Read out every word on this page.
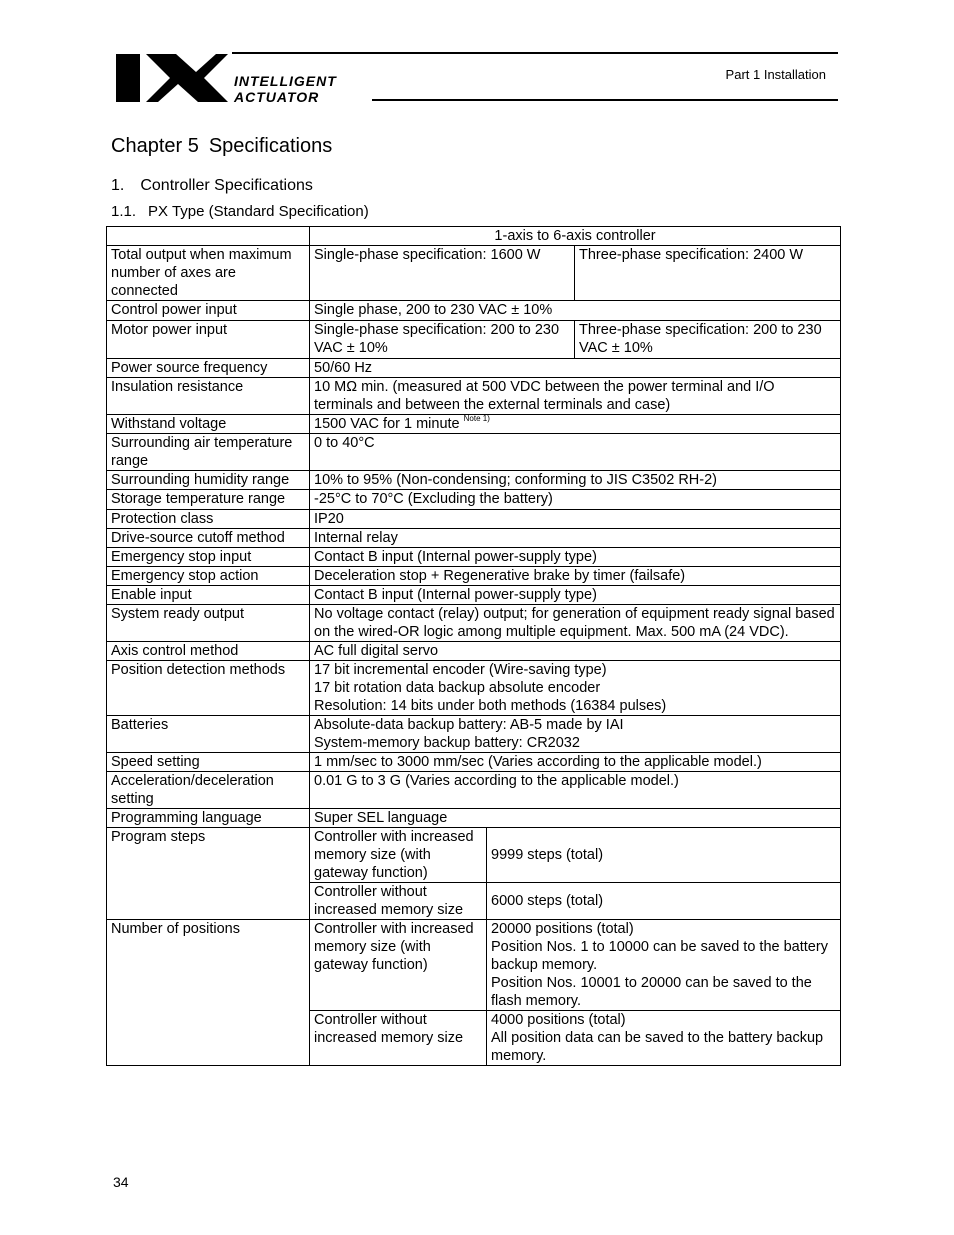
INTELLIGENT
ACTUATOR
Part 1 Installation
Chapter 5 Specifications
1. Controller Specifications
1.1. PX Type (Standard Specification)
	1-axis to 6-axis controller		
Total output when maximum number of axes are connected	Single-phase specification: 1600 W		Three-phase specification: 2400 W
Control power input	Single phase, 200 to 230 VAC ± 10%		
Motor power input	Single-phase specification: 200 to 230 VAC ± 10%		Three-phase specification: 200 to 230 VAC ± 10%
Power source frequency	50/60 Hz		
Insulation resistance	10 MΩ min. (measured at 500 VDC between the power terminal and I/O terminals and between the external terminals and case)		
Withstand voltage	1500 VAC for 1 minute $^{Note 1)}$
Surrounding air temperature range	0 to 40°C		
Surrounding humidity range	10% to 95% (Non-condensing; conforming to JIS C3502 RH-2)		
Storage temperature range	-25°C to 70°C (Excluding the battery)		
Protection class	IP20		
Drive-source cutoff method	Internal relay		
Emergency stop input	Contact B input (Internal power-supply type)		
Emergency stop action	Deceleration stop + Regenerative brake by timer (failsafe)		
Enable input	Contact B input (Internal power-supply type)		
System ready output	No voltage contact (relay) output; for generation of equipment ready signal based on the wired-OR logic among multiple equipment. Max. 500 mA (24 VDC).		
Axis control method	AC full digital servo		
Position detection methods	17 bit incremental encoder (Wire-saving type)
17 bit rotation data backup absolute encoder
Resolution: 14 bits under both methods (16384 pulses)		

Batteries	Absolute-data backup battery: AB-5 made by IAI
System-memory backup battery: CR2032		

Speed setting	1 mm/sec to 3000 mm/sec (Varies according to the applicable model.)		
Acceleration/deceleration setting	0.01 G to 3 G (Varies according to the applicable model.)		
Programming language	Super SEL language		
Program steps	Controller with increased memory size (with gateway function)	9999 steps (total)	
	Controller without increased memory size	6000 steps (total)	
Number of positions	Controller with increased memory size (with gateway function)	20000 positions (total)
Position Nos. 1 to 10000 can be saved to the battery backup memory.
Position Nos. 10001 to 20000 can be saved to the flash memory.	

	Controller without increased memory size	4000 positions (total)
All position data can be saved to the battery backup memory.	
34
